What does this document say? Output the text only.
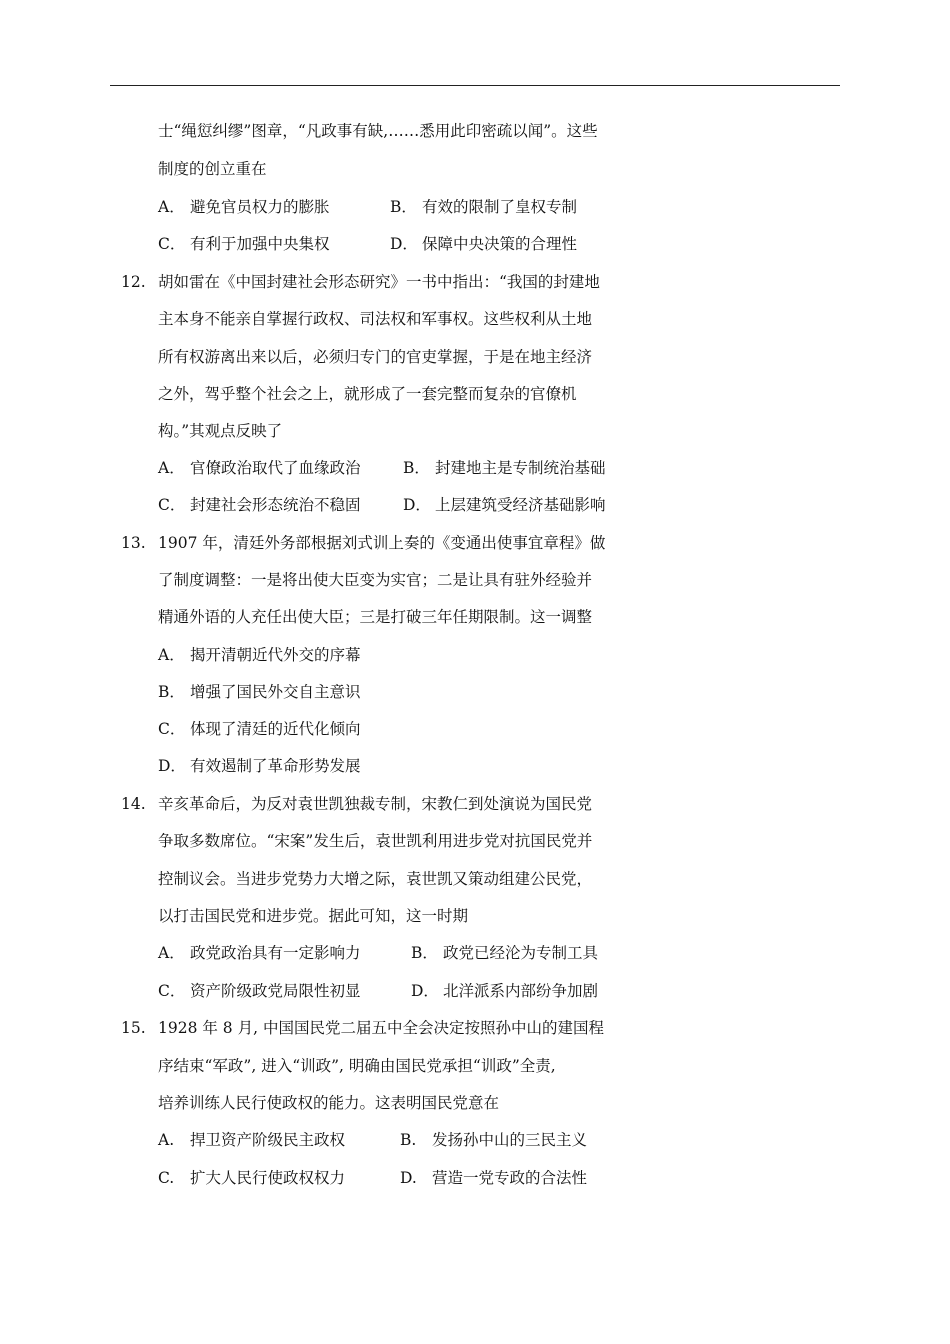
士“绳愆纠缪”图章，“凡政事有缺,……悉用此印密疏以闻”。这些
制度的创立重在
A． 避免官员权力的膨胀	B． 有效的限制了皇权专制
C． 有利于加强中央集权	D． 保障中央决策的合理性
12. 胡如雷在《中国封建社会形态研究》一书中指出：“我国的封建地
主本身不能亲自掌握行政权、司法权和军事权。这些权利从土地
所有权游离出来以后，必须归专门的官吏掌握，于是在地主经济
之外，驾乎整个社会之上，就形成了一套完整而复杂的官僚机
构。”其观点反映了
A． 官僚政治取代了血缘政治	B． 封建地主是专制统治基础
C． 封建社会形态统治不稳固	D． 上层建筑受经济基础影响
13. 1907 年，清廷外务部根据刘式训上奏的《变通出使事宜章程》做
了制度调整：一是将出使大臣变为实官；二是让具有驻外经验并
精通外语的人充任出使大臣；三是打破三年任期限制。这一调整
A． 揭开清朝近代外交的序幕
B． 增强了国民外交自主意识
C． 体现了清廷的近代化倾向
D． 有效遏制了革命形势发展
14. 辛亥革命后，为反对袁世凯独裁专制，宋教仁到处演说为国民党
争取多数席位。“宋案”发生后，袁世凯利用进步党对抗国民党并
控制议会。当进步党势力大增之际，袁世凯又策动组建公民党，
以打击国民党和进步党。据此可知，这一时期
A． 政党政治具有一定影响力	B． 政党已经沦为专制工具
C． 资产阶级政党局限性初显	D． 北洋派系内部纷争加剧
15. 1928 年 8 月, 中国国民党二届五中全会决定按照孙中山的建国程
序结束“军政”, 进入“训政”, 明确由国民党承担“训政”全责,
培养训练人民行使政权的能力。这表明国民党意在
A. 捍卫资产阶级民主政权	B. 发扬孙中山的三民主义
C. 扩大人民行使政权权力	D. 营造一党专政的合法性
